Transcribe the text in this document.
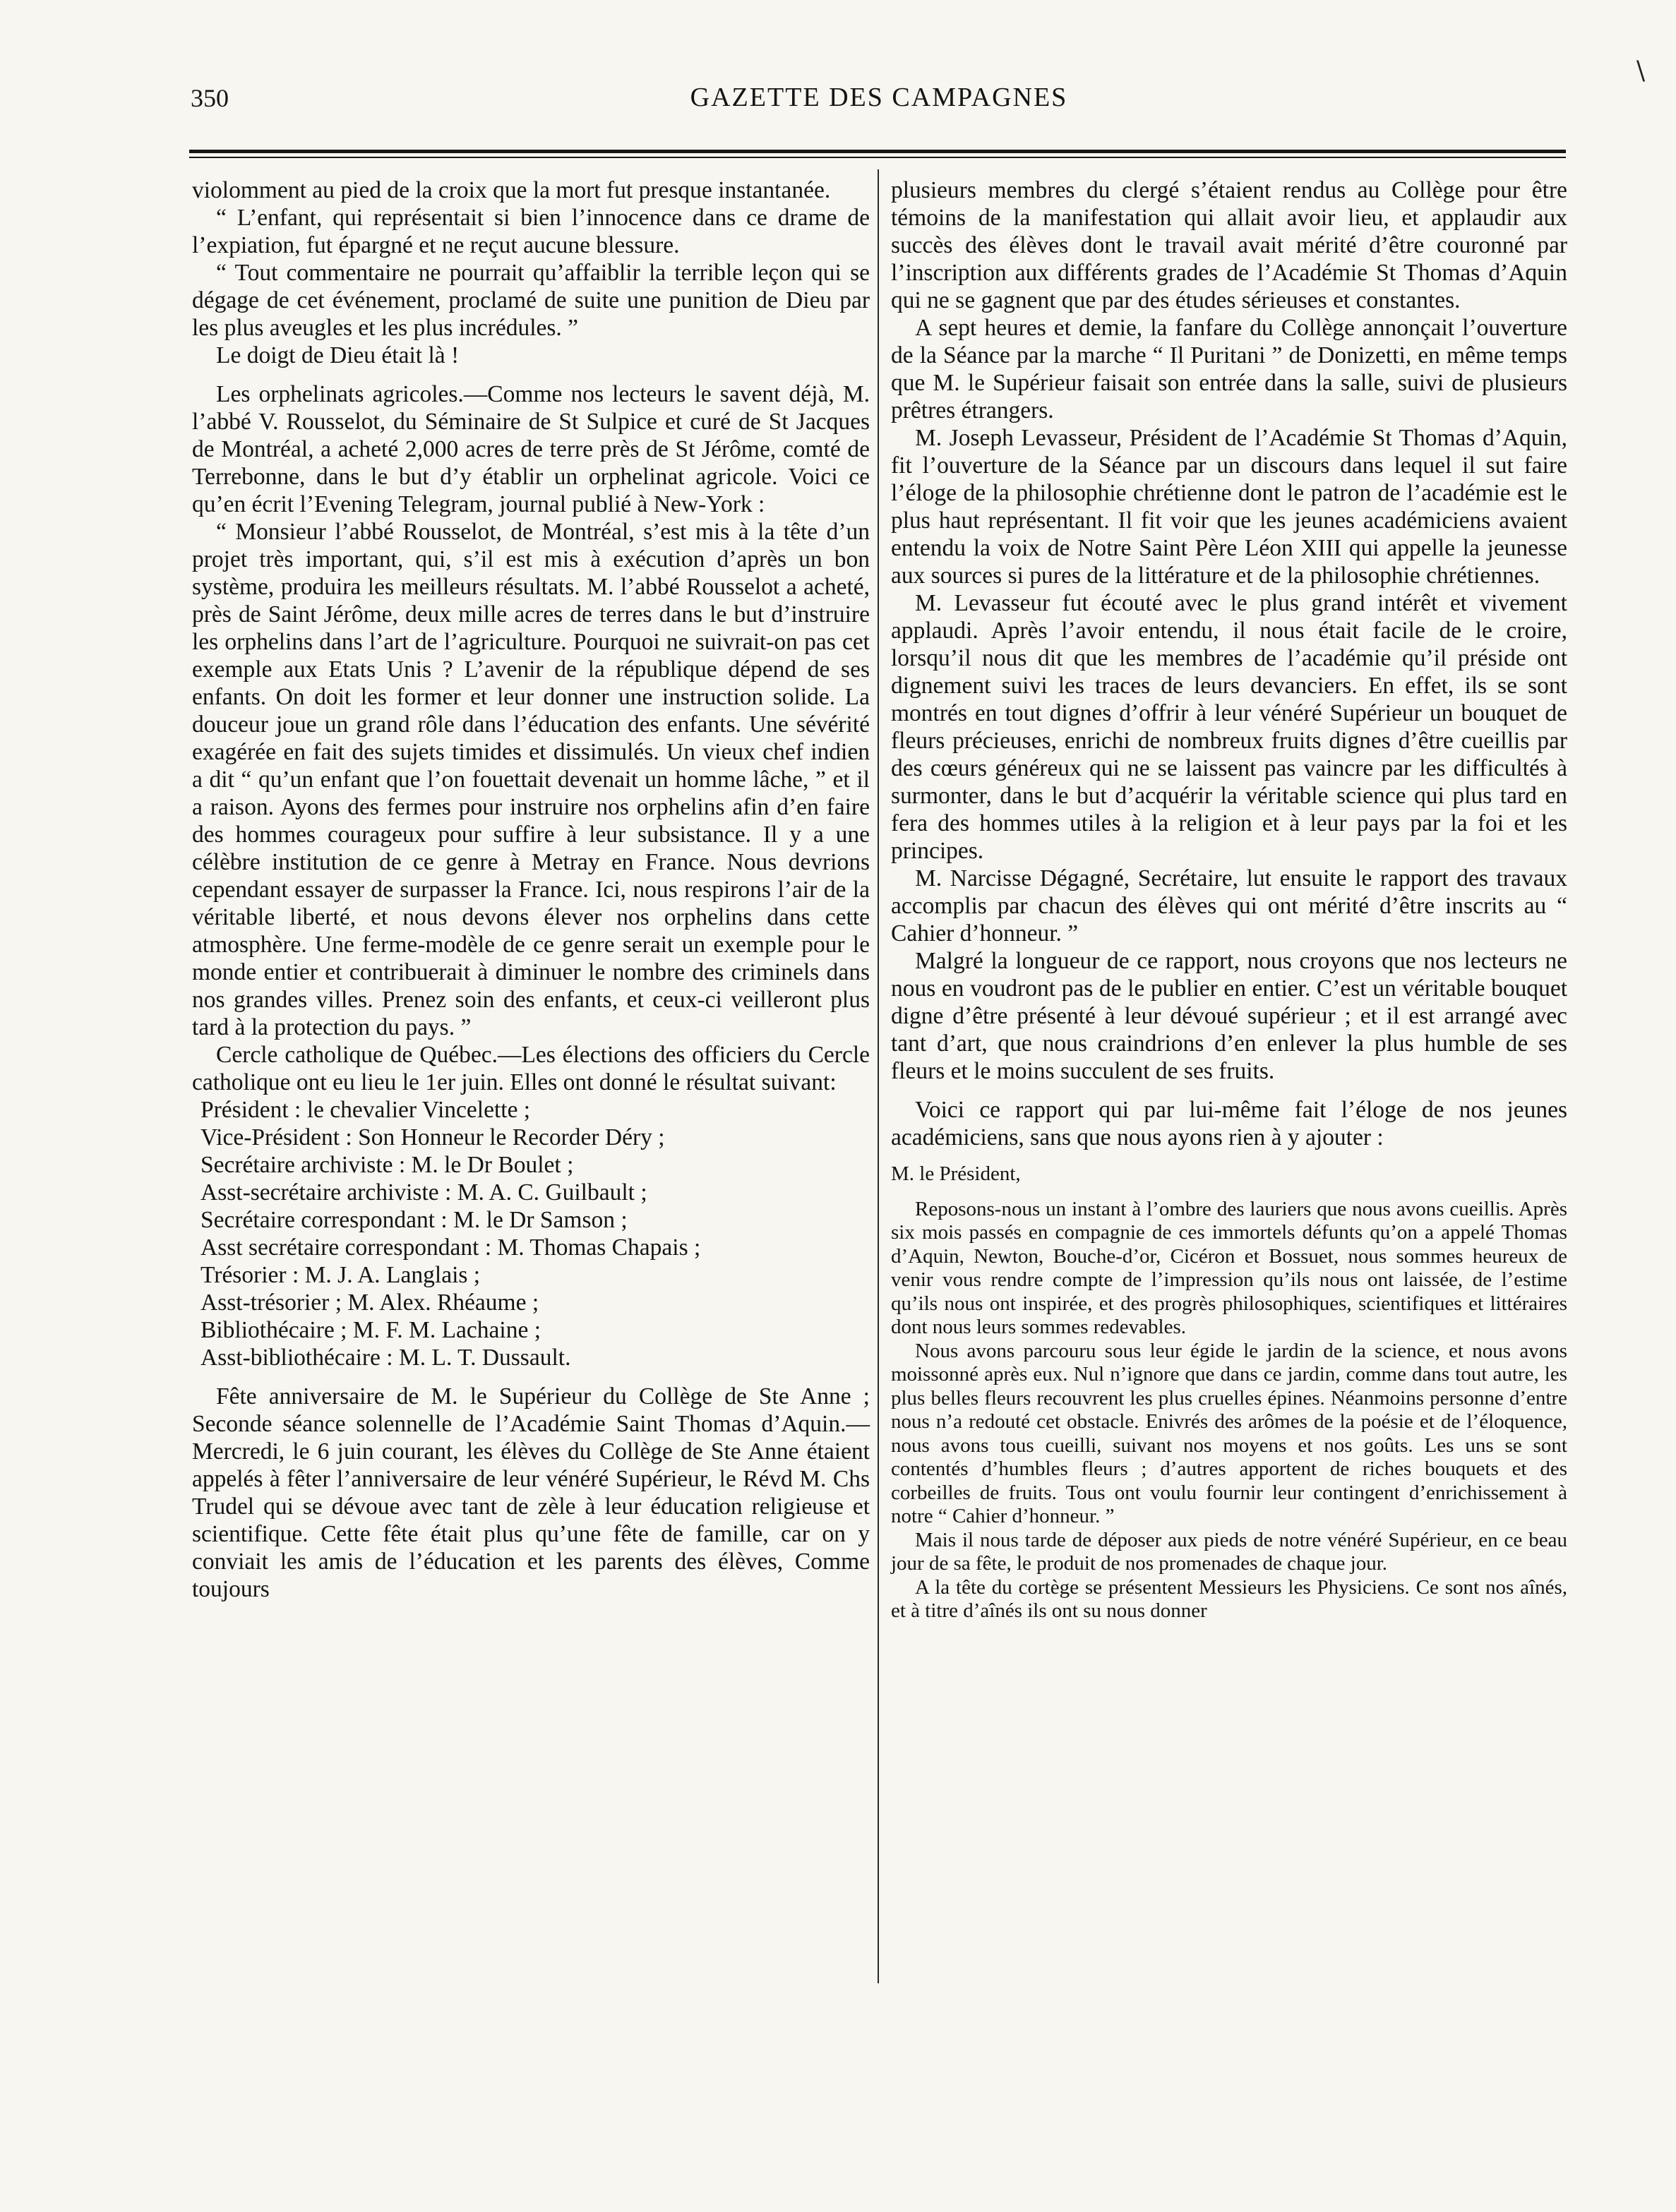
350	GAZETTE DES CAMPAGNES
\

violomment au pied de la croix que la mort fut presque instantanée.

“ L’enfant, qui représentait si bien l’innocence dans ce drame de l’expiation, fut épargné et ne reçut aucune blessure.

“ Tout commentaire ne pourrait qu’affaiblir la terrible leçon qui se dégage de cet événement, proclamé de suite une punition de Dieu par les plus aveugles et les plus incrédules. ”

Le doigt de Dieu était là !

Les orphelinats agricoles.—Comme nos lecteurs le savent déjà, M. l’abbé V. Rousselot, du Séminaire de St Sulpice et curé de St Jacques de Montréal, a acheté 2,000 acres de terre près de St Jérôme, comté de Terrebonne, dans le but d’y établir un orphelinat agricole. Voici ce qu’en écrit l’Evening Telegram, journal publié à New-York :

“ Monsieur l’abbé Rousselot, de Montréal, s’est mis à la tête d’un projet très important, qui, s’il est mis à exécution d’après un bon système, produira les meilleurs résultats. M. l’abbé Rousselot a acheté, près de Saint Jérôme, deux mille acres de terres dans le but d’instruire les orphelins dans l’art de l’agriculture. Pourquoi ne suivrait-on pas cet exemple aux Etats Unis ? L’avenir de la république dépend de ses enfants. On doit les former et leur donner une instruction solide. La douceur joue un grand rôle dans l’éducation des enfants. Une sévérité exagérée en fait des sujets timides et dissimulés. Un vieux chef indien a dit “ qu’un enfant que l’on fouettait devenait un homme lâche, ” et il a raison. Ayons des fermes pour instruire nos orphelins afin d’en faire des hommes courageux pour suffire à leur subsistance. Il y a une célèbre institution de ce genre à Metray en France. Nous devrions cependant essayer de surpasser la France. Ici, nous respirons l’air de la véritable liberté, et nous devons élever nos orphelins dans cette atmosphère. Une ferme-modèle de ce genre serait un exemple pour le monde entier et contribuerait à diminuer le nombre des criminels dans nos grandes villes. Prenez soin des enfants, et ceux-ci veilleront plus tard à la protection du pays. ”

Cercle catholique de Québec.—Les élections des officiers du Cercle catholique ont eu lieu le 1er juin. Elles ont donné le résultat suivant:

Président : le chevalier Vincelette ;

Vice-Président : Son Honneur le Recorder Déry ;

Secrétaire archiviste : M. le Dr Boulet ;

Asst-secrétaire archiviste : M. A. C. Guilbault ;

Secrétaire correspondant : M. le Dr Samson ;

Asst secrétaire correspondant : M. Thomas Chapais ;

Trésorier : M. J. A. Langlais ;

Asst-trésorier ; M. Alex. Rhéaume ;

Bibliothécaire ; M. F. M. Lachaine ;

Asst-bibliothécaire : M. L. T. Dussault.

Fête anniversaire de M. le Supérieur du Collège de Ste Anne ; Seconde séance solennelle de l’Académie Saint Thomas d’Aquin.—Mercredi, le 6 juin courant, les élèves du Collège de Ste Anne étaient appelés à fêter l’anniversaire de leur vénéré Supérieur, le Révd M. Chs Trudel qui se dévoue avec tant de zèle à leur éducation religieuse et scientifique. Cette fête était plus qu’une fête de famille, car on y conviait les amis de l’éducation et les parents des élèves, Comme toujours

plusieurs membres du clergé s’étaient rendus au Collège pour être témoins de la manifestation qui allait avoir lieu, et applaudir aux succès des élèves dont le travail avait mérité d’être couronné par l’inscription aux différents grades de l’Académie St Thomas d’Aquin qui ne se gagnent que par des études sérieuses et constantes.

A sept heures et demie, la fanfare du Collège annonçait l’ouverture de la Séance par la marche “ Il Puritani ” de Donizetti, en même temps que M. le Supérieur faisait son entrée dans la salle, suivi de plusieurs prêtres étrangers.

M. Joseph Levasseur, Président de l’Académie St Thomas d’Aquin, fit l’ouverture de la Séance par un discours dans lequel il sut faire l’éloge de la philosophie chrétienne dont le patron de l’académie est le plus haut représentant. Il fit voir que les jeunes académiciens avaient entendu la voix de Notre Saint Père Léon XIII qui appelle la jeunesse aux sources si pures de la littérature et de la philosophie chrétiennes.

M. Levasseur fut écouté avec le plus grand intérêt et vivement applaudi. Après l’avoir entendu, il nous était facile de le croire, lorsqu’il nous dit que les membres de l’académie qu’il préside ont dignement suivi les traces de leurs devanciers. En effet, ils se sont montrés en tout dignes d’offrir à leur vénéré Supérieur un bouquet de fleurs précieuses, enrichi de nombreux fruits dignes d’être cueillis par des cœurs généreux qui ne se laissent pas vaincre par les difficultés à surmonter, dans le but d’acquérir la véritable science qui plus tard en fera des hommes utiles à la religion et à leur pays par la foi et les principes.

M. Narcisse Dégagné, Secrétaire, lut ensuite le rapport des travaux accomplis par chacun des élèves qui ont mérité d’être inscrits au “ Cahier d’honneur. ”

Malgré la longueur de ce rapport, nous croyons que nos lecteurs ne nous en voudront pas de le publier en entier. C’est un véritable bouquet digne d’être présenté à leur dévoué supérieur ; et il est arrangé avec tant d’art, que nous craindrions d’en enlever la plus humble de ses fleurs et le moins succulent de ses fruits.

Voici ce rapport qui par lui-même fait l’éloge de nos jeunes académiciens, sans que nous ayons rien à y ajouter :

M. le Président,

Reposons-nous un instant à l’ombre des lauriers que nous avons cueillis. Après six mois passés en compagnie de ces immortels défunts qu’on a appelé Thomas d’Aquin, Newton, Bouche-d’or, Cicéron et Bossuet, nous sommes heureux de venir vous rendre compte de l’impression qu’ils nous ont laissée, de l’estime qu’ils nous ont inspirée, et des progrès philosophiques, scientifiques et littéraires dont nous leurs sommes redevables.

Nous avons parcouru sous leur égide le jardin de la science, et nous avons moissonné après eux. Nul n’ignore que dans ce jardin, comme dans tout autre, les plus belles fleurs recouvrent les plus cruelles épines. Néanmoins personne d’entre nous n’a redouté cet obstacle. Enivrés des arômes de la poésie et de l’éloquence, nous avons tous cueilli, suivant nos moyens et nos goûts. Les uns se sont contentés d’humbles fleurs ; d’autres apportent de riches bouquets et des corbeilles de fruits. Tous ont voulu fournir leur contingent d’enrichissement à notre “ Cahier d’honneur. ”

Mais il nous tarde de déposer aux pieds de notre vénéré Supérieur, en ce beau jour de sa fête, le produit de nos promenades de chaque jour.

A la tête du cortège se présentent Messieurs les Physiciens. Ce sont nos aînés, et à titre d’aînés ils ont su nous donner
